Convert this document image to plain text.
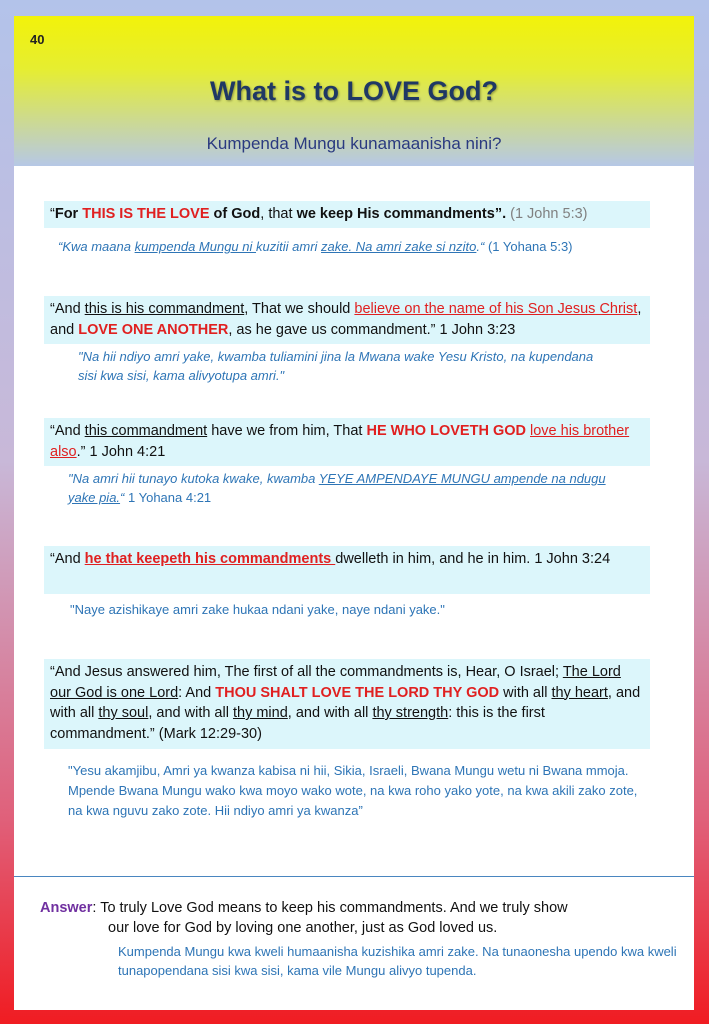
40
What is to LOVE God?
Kumpenda Mungu kunamaanisha nini?
“For THIS IS THE LOVE of God, that we keep His commandments”. (1 John 5:3)
“Kwa maana kumpenda Mungu ni kuzitii amri zake. Na amri zake si nzito.“ (1 Yohana 5:3)
“And this is his commandment, That we should believe on the name of his Son Jesus Christ, and LOVE ONE ANOTHER, as he gave us commandment.” 1 John 3:23
"Na hii ndiyo amri yake, kwamba tuliamini jina la Mwana wake Yesu Kristo, na kupendana sisi kwa sisi, kama alivyotupa amri."
“And this commandment have we from him, That HE WHO LOVETH GOD love his brother also.” 1 John 4:21
"Na amri hii tunayo kutoka kwake, kwamba YEYE AMPENDAYE MUNGU ampende na ndugu yake pia.“ 1 Yohana 4:21
“And he that keepeth his commandments dwelleth in him, and he in him. 1 John 3:24
"Naye azishikaye amri zake hukaa ndani yake, naye ndani yake."
“And Jesus answered him, The first of all the commandments is, Hear, O Israel; The Lord our God is one Lord: And THOU SHALT LOVE THE LORD THY GOD with all thy heart, and with all thy soul, and with all thy mind, and with all thy strength: this is the first commandment.” (Mark 12:29-30)
"Yesu akamjibu, Amri ya kwanza kabisa ni hii, Sikia, Israeli, Bwana Mungu wetu ni Bwana mmoja. Mpende Bwana Mungu wako kwa moyo wako wote, na kwa roho yako yote, na kwa akili zako zote, na kwa nguvu zako zote. Hii ndiyo amri ya kwanza”
Answer: To truly Love God means to keep his commandments. And we truly show
our love for God by loving one another, just as God loved us.
Kumpenda Mungu kwa kweli humaanisha kuzishika amri zake. Na tunaonesha upendo kwa kweli tunapopendana sisi kwa sisi, kama vile Mungu alivyo tupenda.
